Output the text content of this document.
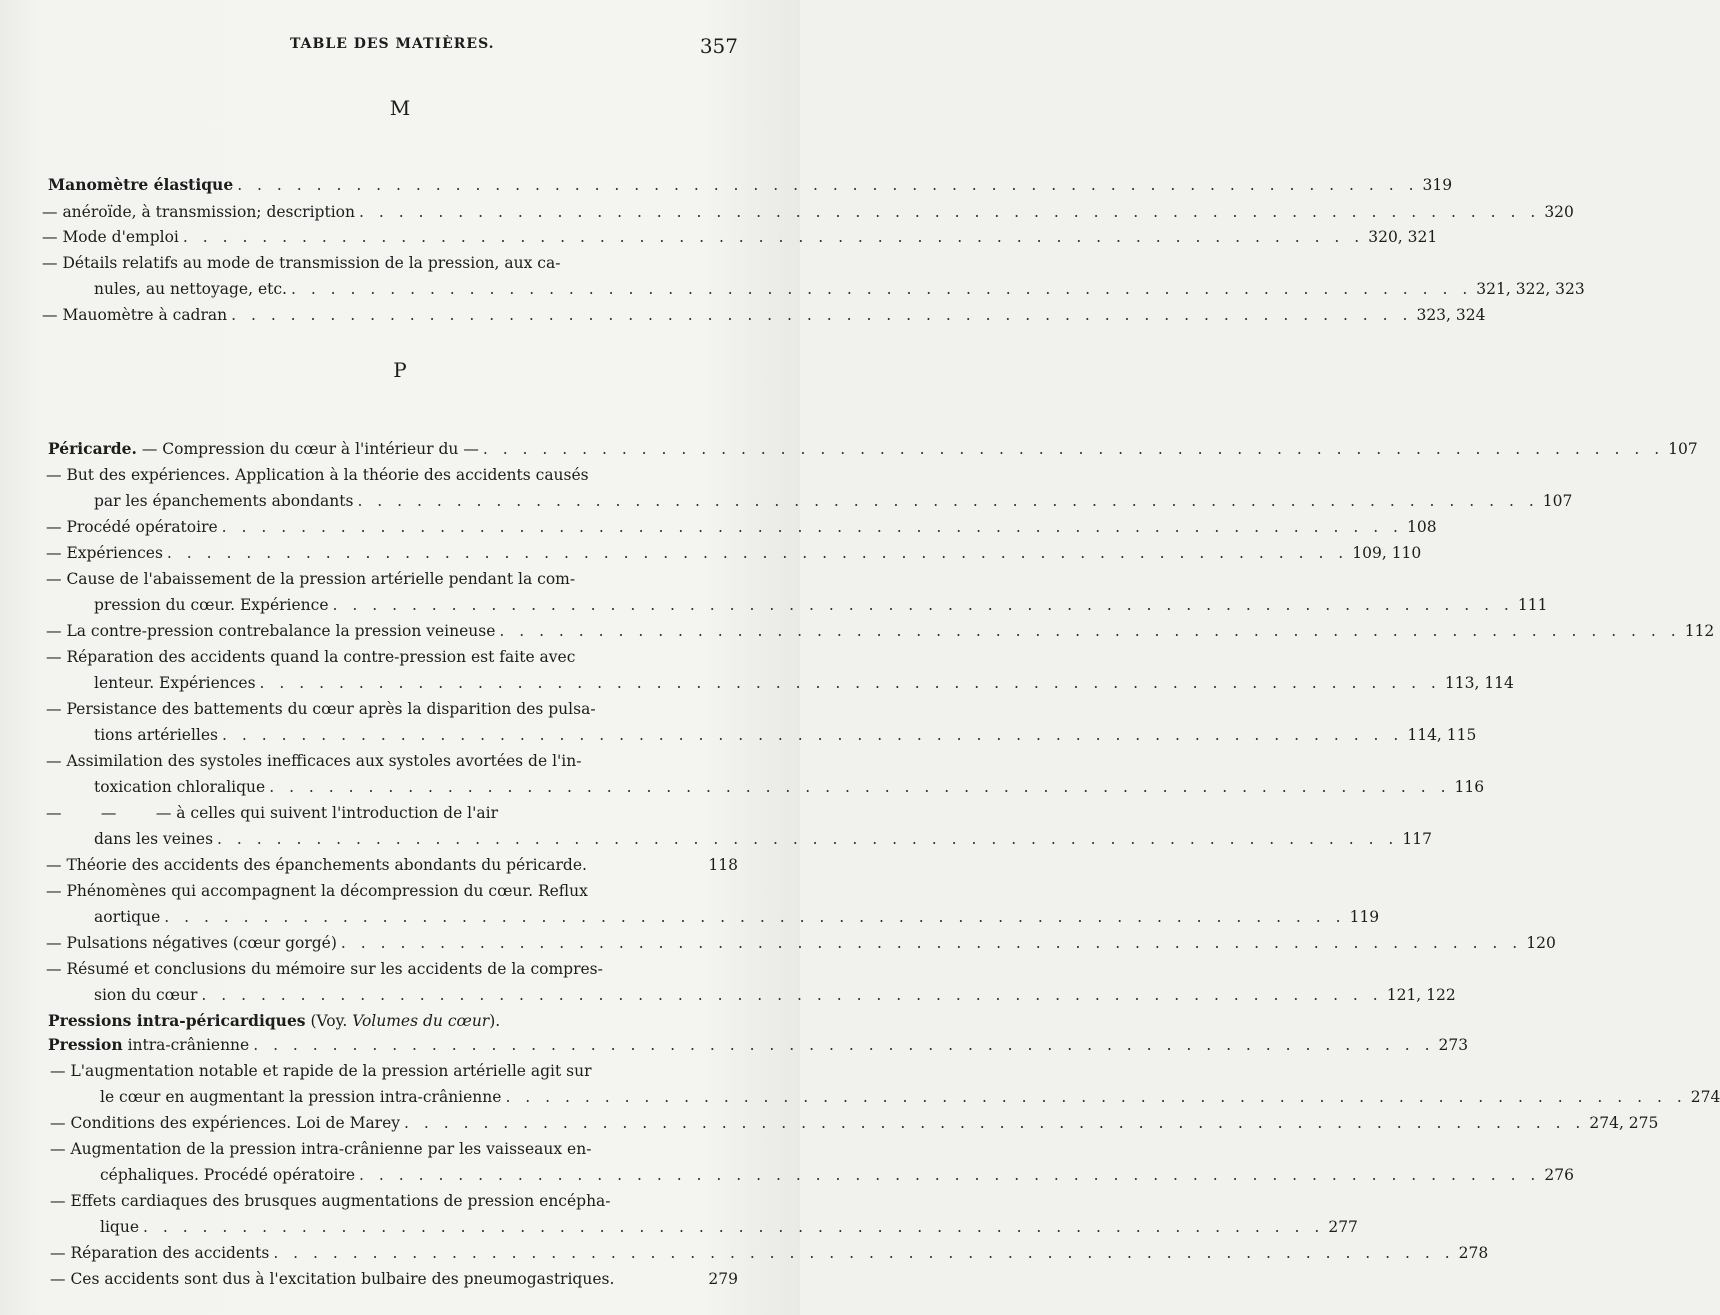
TABLE DES MATIÈRES.	357
M
P
Manomètre élastique . . . . . . . . . . . . . . . . . . . . . . . . . . . . . . . . . . . . . . . . . . . . . . . . . . . . . . . . . . . . 319
— anéroïde, à transmission; description . . . . . . . . . . . . . . . . . . . . . . . . . . . . . . . . . . . . . . . . . . . . . . . . . . . . . . . . . . . . 320
— Mode d'emploi . . . . . . . . . . . . . . . . . . . . . . . . . . . . . . . . . . . . . . . . . . . . . . . . . . . . . . . . . . . . 320, 321
— Détails relatifs au mode de transmission de la pression, aux ca-
nules, au nettoyage, etc. . . . . . . . . . . . . . . . . . . . . . . . . . . . . . . . . . . . . . . . . . . . . . . . . . . . . . . . . . . . . 321, 322, 323
— Mauomètre à cadran . . . . . . . . . . . . . . . . . . . . . . . . . . . . . . . . . . . . . . . . . . . . . . . . . . . . . . . . . . . . 323, 324
Péricarde. — Compression du cœur à l'intérieur du — . . . . . . . . . . . . . . . . . . . . . . . . . . . . . . . . . . . . . . . . . . . . . . . . . . . . . . . . . . . . 107
— But des expériences. Application à la théorie des accidents causés
par les épanchements abondants . . . . . . . . . . . . . . . . . . . . . . . . . . . . . . . . . . . . . . . . . . . . . . . . . . . . . . . . . . . . 107
— Procédé opératoire . . . . . . . . . . . . . . . . . . . . . . . . . . . . . . . . . . . . . . . . . . . . . . . . . . . . . . . . . . . . 108
— Expériences . . . . . . . . . . . . . . . . . . . . . . . . . . . . . . . . . . . . . . . . . . . . . . . . . . . . . . . . . . . . 109, 110
— Cause de l'abaissement de la pression artérielle pendant la com-
pression du cœur. Expérience . . . . . . . . . . . . . . . . . . . . . . . . . . . . . . . . . . . . . . . . . . . . . . . . . . . . . . . . . . . . 111
— La contre-pression contrebalance la pression veineuse . . . . . . . . . . . . . . . . . . . . . . . . . . . . . . . . . . . . . . . . . . . . . . . . . . . . . . . . . . . . 112
— Réparation des accidents quand la contre-pression est faite avec
lenteur. Expériences . . . . . . . . . . . . . . . . . . . . . . . . . . . . . . . . . . . . . . . . . . . . . . . . . . . . . . . . . . . . 113, 114
— Persistance des battements du cœur après la disparition des pulsa-
tions artérielles . . . . . . . . . . . . . . . . . . . . . . . . . . . . . . . . . . . . . . . . . . . . . . . . . . . . . . . . . . . . 114, 115
— Assimilation des systoles inefficaces aux systoles avortées de l'in-
toxication chloralique . . . . . . . . . . . . . . . . . . . . . . . . . . . . . . . . . . . . . . . . . . . . . . . . . . . . . . . . . . . . 116
—        —        — à celles qui suivent l'introduction de l'air
dans les veines . . . . . . . . . . . . . . . . . . . . . . . . . . . . . . . . . . . . . . . . . . . . . . . . . . . . . . . . . . . . 117
— Théorie des accidents des épanchements abondants du péricarde.	118
— Phénomènes qui accompagnent la décompression du cœur. Reflux
aortique . . . . . . . . . . . . . . . . . . . . . . . . . . . . . . . . . . . . . . . . . . . . . . . . . . . . . . . . . . . . 119
— Pulsations négatives (cœur gorgé) . . . . . . . . . . . . . . . . . . . . . . . . . . . . . . . . . . . . . . . . . . . . . . . . . . . . . . . . . . . . 120
— Résumé et conclusions du mémoire sur les accidents de la compres-
sion du cœur . . . . . . . . . . . . . . . . . . . . . . . . . . . . . . . . . . . . . . . . . . . . . . . . . . . . . . . . . . . . 121, 122
Pressions intra-péricardiques (Voy. Volumes du cœur).
Pression intra-crânienne . . . . . . . . . . . . . . . . . . . . . . . . . . . . . . . . . . . . . . . . . . . . . . . . . . . . . . . . . . . . 273
— L'augmentation notable et rapide de la pression artérielle agit sur
le cœur en augmentant la pression intra-crânienne . . . . . . . . . . . . . . . . . . . . . . . . . . . . . . . . . . . . . . . . . . . . . . . . . . . . . . . . . . . . 274
— Conditions des expériences. Loi de Marey . . . . . . . . . . . . . . . . . . . . . . . . . . . . . . . . . . . . . . . . . . . . . . . . . . . . . . . . . . . . 274, 275
— Augmentation de la pression intra-crânienne par les vaisseaux en-
céphaliques. Procédé opératoire . . . . . . . . . . . . . . . . . . . . . . . . . . . . . . . . . . . . . . . . . . . . . . . . . . . . . . . . . . . . 276
— Effets cardiaques des brusques augmentations de pression encépha-
lique . . . . . . . . . . . . . . . . . . . . . . . . . . . . . . . . . . . . . . . . . . . . . . . . . . . . . . . . . . . . 277
— Réparation des accidents . . . . . . . . . . . . . . . . . . . . . . . . . . . . . . . . . . . . . . . . . . . . . . . . . . . . . . . . . . . . 278
— Ces accidents sont dus à l'excitation bulbaire des pneumogastriques.	279
